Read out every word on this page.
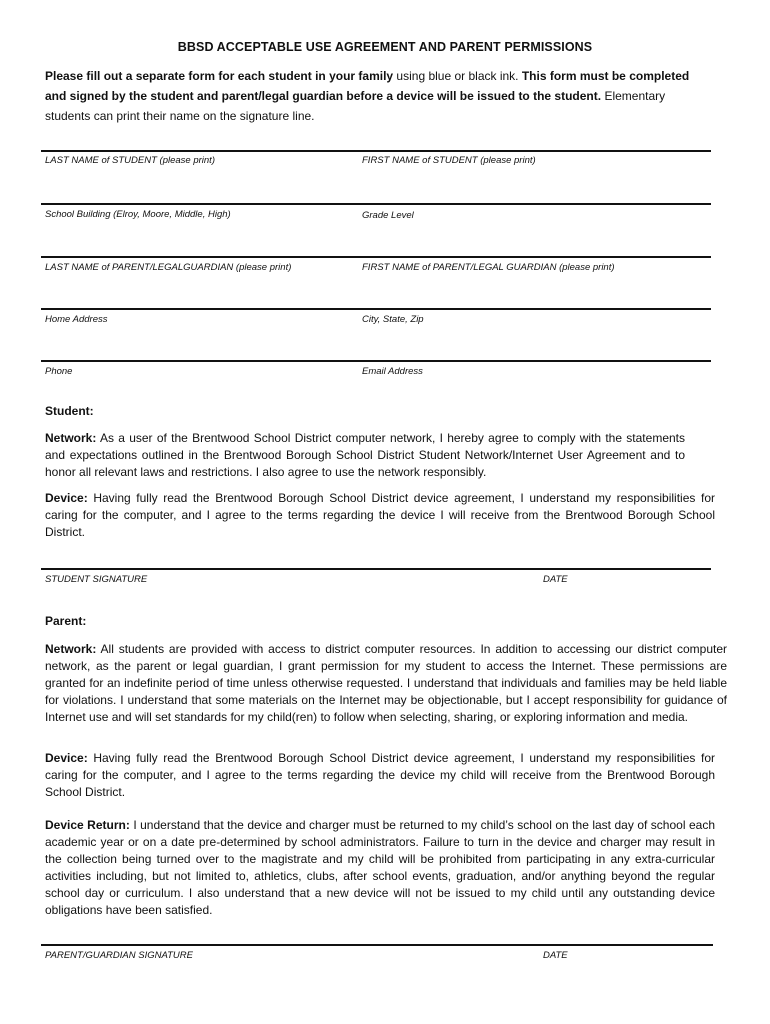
BBSD ACCEPTABLE USE AGREEMENT AND PARENT PERMISSIONS
Please fill out a separate form for each student in your family using blue or black ink. This form must be completed and signed by the student and parent/legal guardian before a device will be issued to the student. Elementary students can print their name on the signature line.
LAST NAME of STUDENT (please print)	FIRST NAME of STUDENT (please print)
School Building (Elroy, Moore, Middle, High)	Grade Level
LAST NAME of PARENT/LEGALGUARDIAN (please print)	FIRST NAME of PARENT/LEGAL GUARDIAN (please print)
Home Address	City, State, Zip
Phone	Email Address
Student:
Network: As a user of the Brentwood School District computer network, I hereby agree to comply with the statements and expectations outlined in the Brentwood Borough School District Student Network/Internet User Agreement and to honor all relevant laws and restrictions. I also agree to use the network responsibly.
Device: Having fully read the Brentwood Borough School District device agreement, I understand my responsibilities for caring for the computer, and I agree to the terms regarding the device I will receive from the Brentwood Borough School District.
STUDENT SIGNATURE	DATE
Parent:
Network: All students are provided with access to district computer resources. In addition to accessing our district computer network, as the parent or legal guardian, I grant permission for my student to access the Internet. These permissions are granted for an indefinite period of time unless otherwise requested. I understand that individuals and families may be held liable for violations. I understand that some materials on the Internet may be objectionable, but I accept responsibility for guidance of Internet use and will set standards for my child(ren) to follow when selecting, sharing, or exploring information and media.
Device: Having fully read the Brentwood Borough School District device agreement, I understand my responsibilities for caring for the computer, and I agree to the terms regarding the device my child will receive from the Brentwood Borough School District.
Device Return: I understand that the device and charger must be returned to my child’s school on the last day of school each academic year or on a date pre-determined by school administrators. Failure to turn in the device and charger may result in the collection being turned over to the magistrate and my child will be prohibited from participating in any extra-curricular activities including, but not limited to, athletics, clubs, after school events, graduation, and/or anything beyond the regular school day or curriculum. I also understand that a new device will not be issued to my child until any outstanding device obligations have been satisfied.
PARENT/GUARDIAN SIGNATURE	DATE
